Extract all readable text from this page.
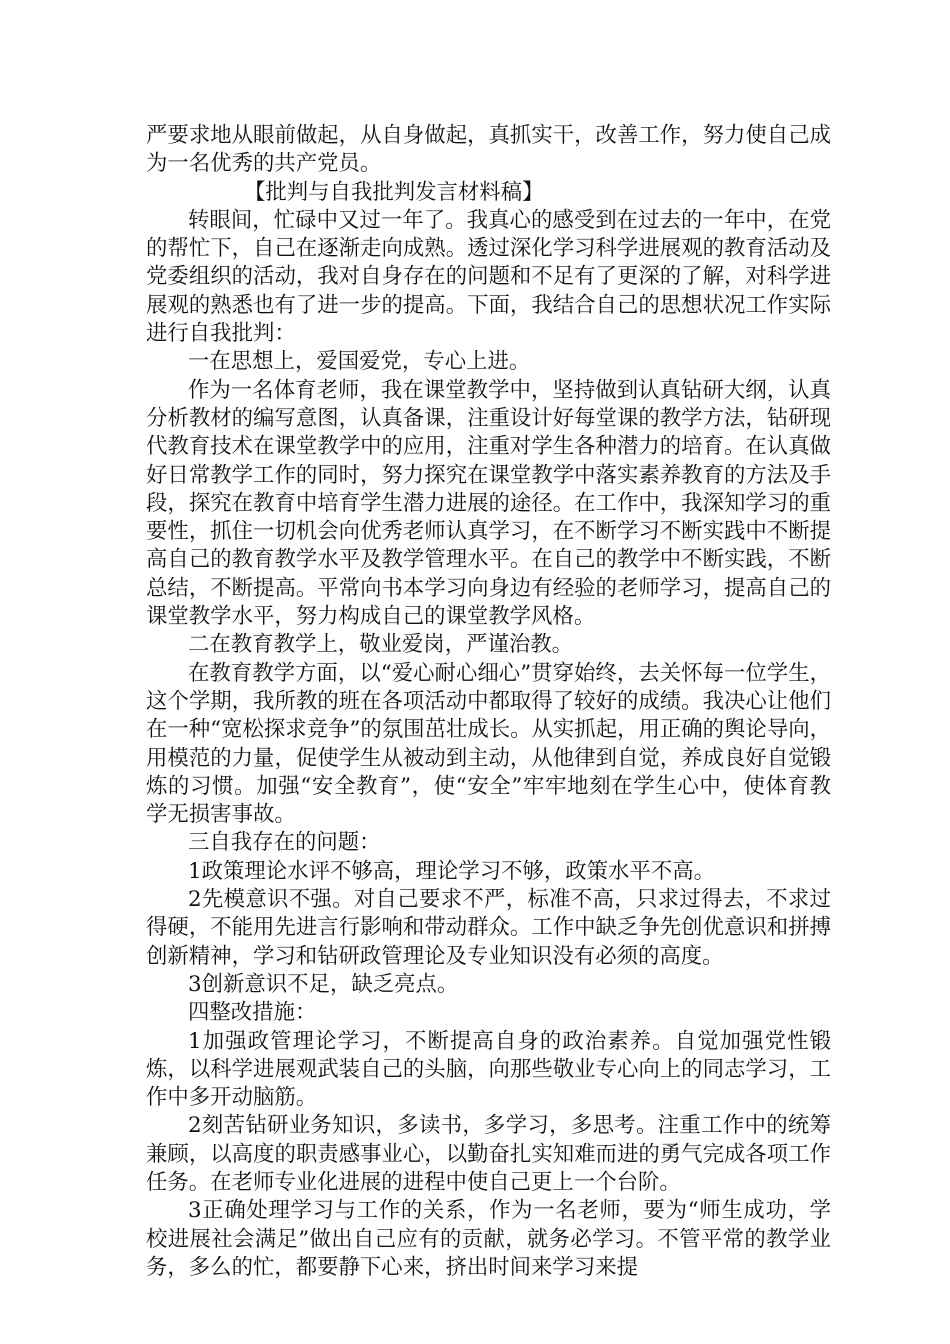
严要求地从眼前做起，从自身做起，真抓实干，改善工作，努力使自己成为一名优秀的共产党员。

【批判与自我批判发言材料稿】

转眼间，忙碌中又过一年了。我真心的感受到在过去的一年中，在党的帮忙下，自己在逐渐走向成熟。透过深化学习科学进展观的教育活动及党委组织的活动，我对自身存在的问题和不足有了更深的了解，对科学进展观的熟悉也有了进一步的提高。下面，我结合自己的思想状况工作实际进行自我批判：

一在思想上，爱国爱党，专心上进。

作为一名体育老师，我在课堂教学中，坚持做到认真钻研大纲，认真分析教材的编写意图，认真备课，注重设计好每堂课的教学方法，钻研现代教育技术在课堂教学中的应用，注重对学生各种潜力的培育。在认真做好日常教学工作的同时，努力探究在课堂教学中落实素养教育的方法及手段，探究在教育中培育学生潜力进展的途径。在工作中，我深知学习的重要性，抓住一切机会向优秀老师认真学习，在不断学习不断实践中不断提高自己的教育教学水平及教学管理水平。在自己的教学中不断实践，不断总结，不断提高。平常向书本学习向身边有经验的老师学习，提高自己的课堂教学水平，努力构成自己的课堂教学风格。

二在教育教学上，敬业爱岗，严谨治教。

在教育教学方面，以“爱心耐心细心”贯穿始终，去关怀每一位学生，这个学期，我所教的班在各项活动中都取得了较好的成绩。我决心让他们在一种“宽松探求竞争”的氛围茁壮成长。从实抓起，用正确的舆论导向，用模范的力量，促使学生从被动到主动，从他律到自觉，养成良好自觉锻炼的习惯。加强“安全教育”，使“安全”牢牢地刻在学生心中，使体育教学无损害事故。

三自我存在的问题：

1政策理论水评不够高，理论学习不够，政策水平不高。

2先模意识不强。对自己要求不严，标准不高，只求过得去，不求过得硬，不能用先进言行影响和带动群众。工作中缺乏争先创优意识和拼搏创新精神，学习和钻研政管理论及专业知识没有必须的高度。

3创新意识不足，缺乏亮点。

四整改措施：

1加强政管理论学习，不断提高自身的政治素养。自觉加强党性锻炼，以科学进展观武装自己的头脑，向那些敬业专心向上的同志学习，工作中多开动脑筋。

2刻苦钻研业务知识，多读书，多学习，多思考。注重工作中的统筹兼顾，以高度的职责感事业心，以勤奋扎实知难而进的勇气完成各项工作任务。在老师专业化进展的进程中使自己更上一个台阶。

3正确处理学习与工作的关系，作为一名老师，要为“师生成功，学校进展社会满足”做出自己应有的贡献，就务必学习。不管平常的教学业务，多么的忙，都要静下心来，挤出时间来学习来提
